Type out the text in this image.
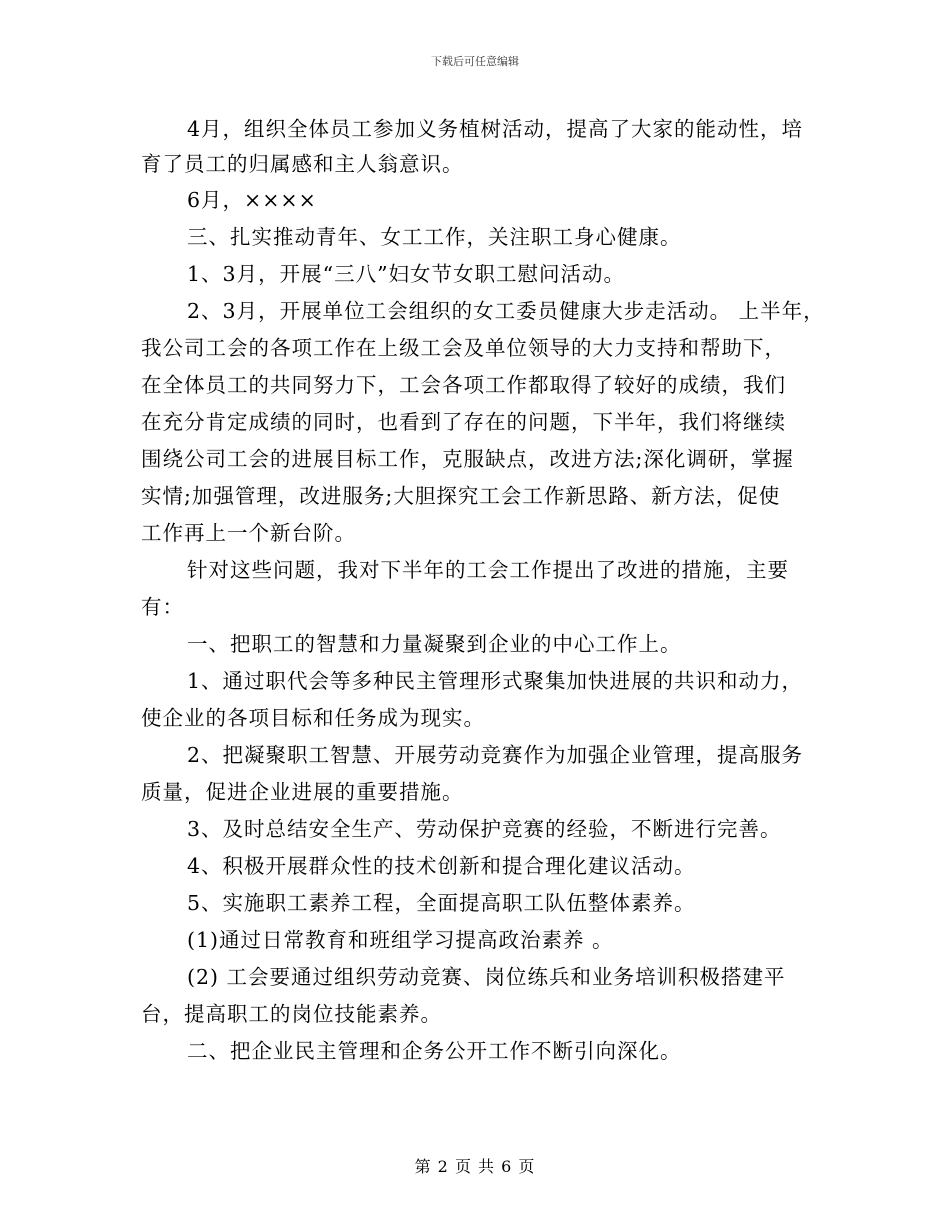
下载后可任意编辑
4月，组织全体员工参加义务植树活动，提高了大家的能动性，培
育了员工的归属感和主人翁意识。
6月，××××
三、扎实推动青年、女工工作，关注职工身心健康。
1、3月，开展“三八”妇女节女职工慰问活动。
2、3月，开展单位工会组织的女工委员健康大步走活动。 上半年，
我公司工会的各项工作在上级工会及单位领导的大力支持和帮助下，
在全体员工的共同努力下，工会各项工作都取得了较好的成绩，我们
在充分肯定成绩的同时，也看到了存在的问题，下半年，我们将继续
围绕公司工会的进展目标工作，克服缺点，改进方法;深化调研，掌握
实情;加强管理，改进服务;大胆探究工会工作新思路、新方法，促使
工作再上一个新台阶。
针对这些问题，我对下半年的工会工作提出了改进的措施，主要
有：
一、把职工的智慧和力量凝聚到企业的中心工作上。
1、通过职代会等多种民主管理形式聚集加快进展的共识和动力，
使企业的各项目标和任务成为现实。
2、把凝聚职工智慧、开展劳动竞赛作为加强企业管理，提高服务
质量，促进企业进展的重要措施。
3、及时总结安全生产、劳动保护竞赛的经验，不断进行完善。
4、积极开展群众性的技术创新和提合理化建议活动。
5、实施职工素养工程，全面提高职工队伍整体素养。
(1)通过日常教育和班组学习提高政治素养 。
(2) 工会要通过组织劳动竞赛、岗位练兵和业务培训积极搭建平
台，提高职工的岗位技能素养。
二、把企业民主管理和企务公开工作不断引向深化。
第 2 页 共 6 页
